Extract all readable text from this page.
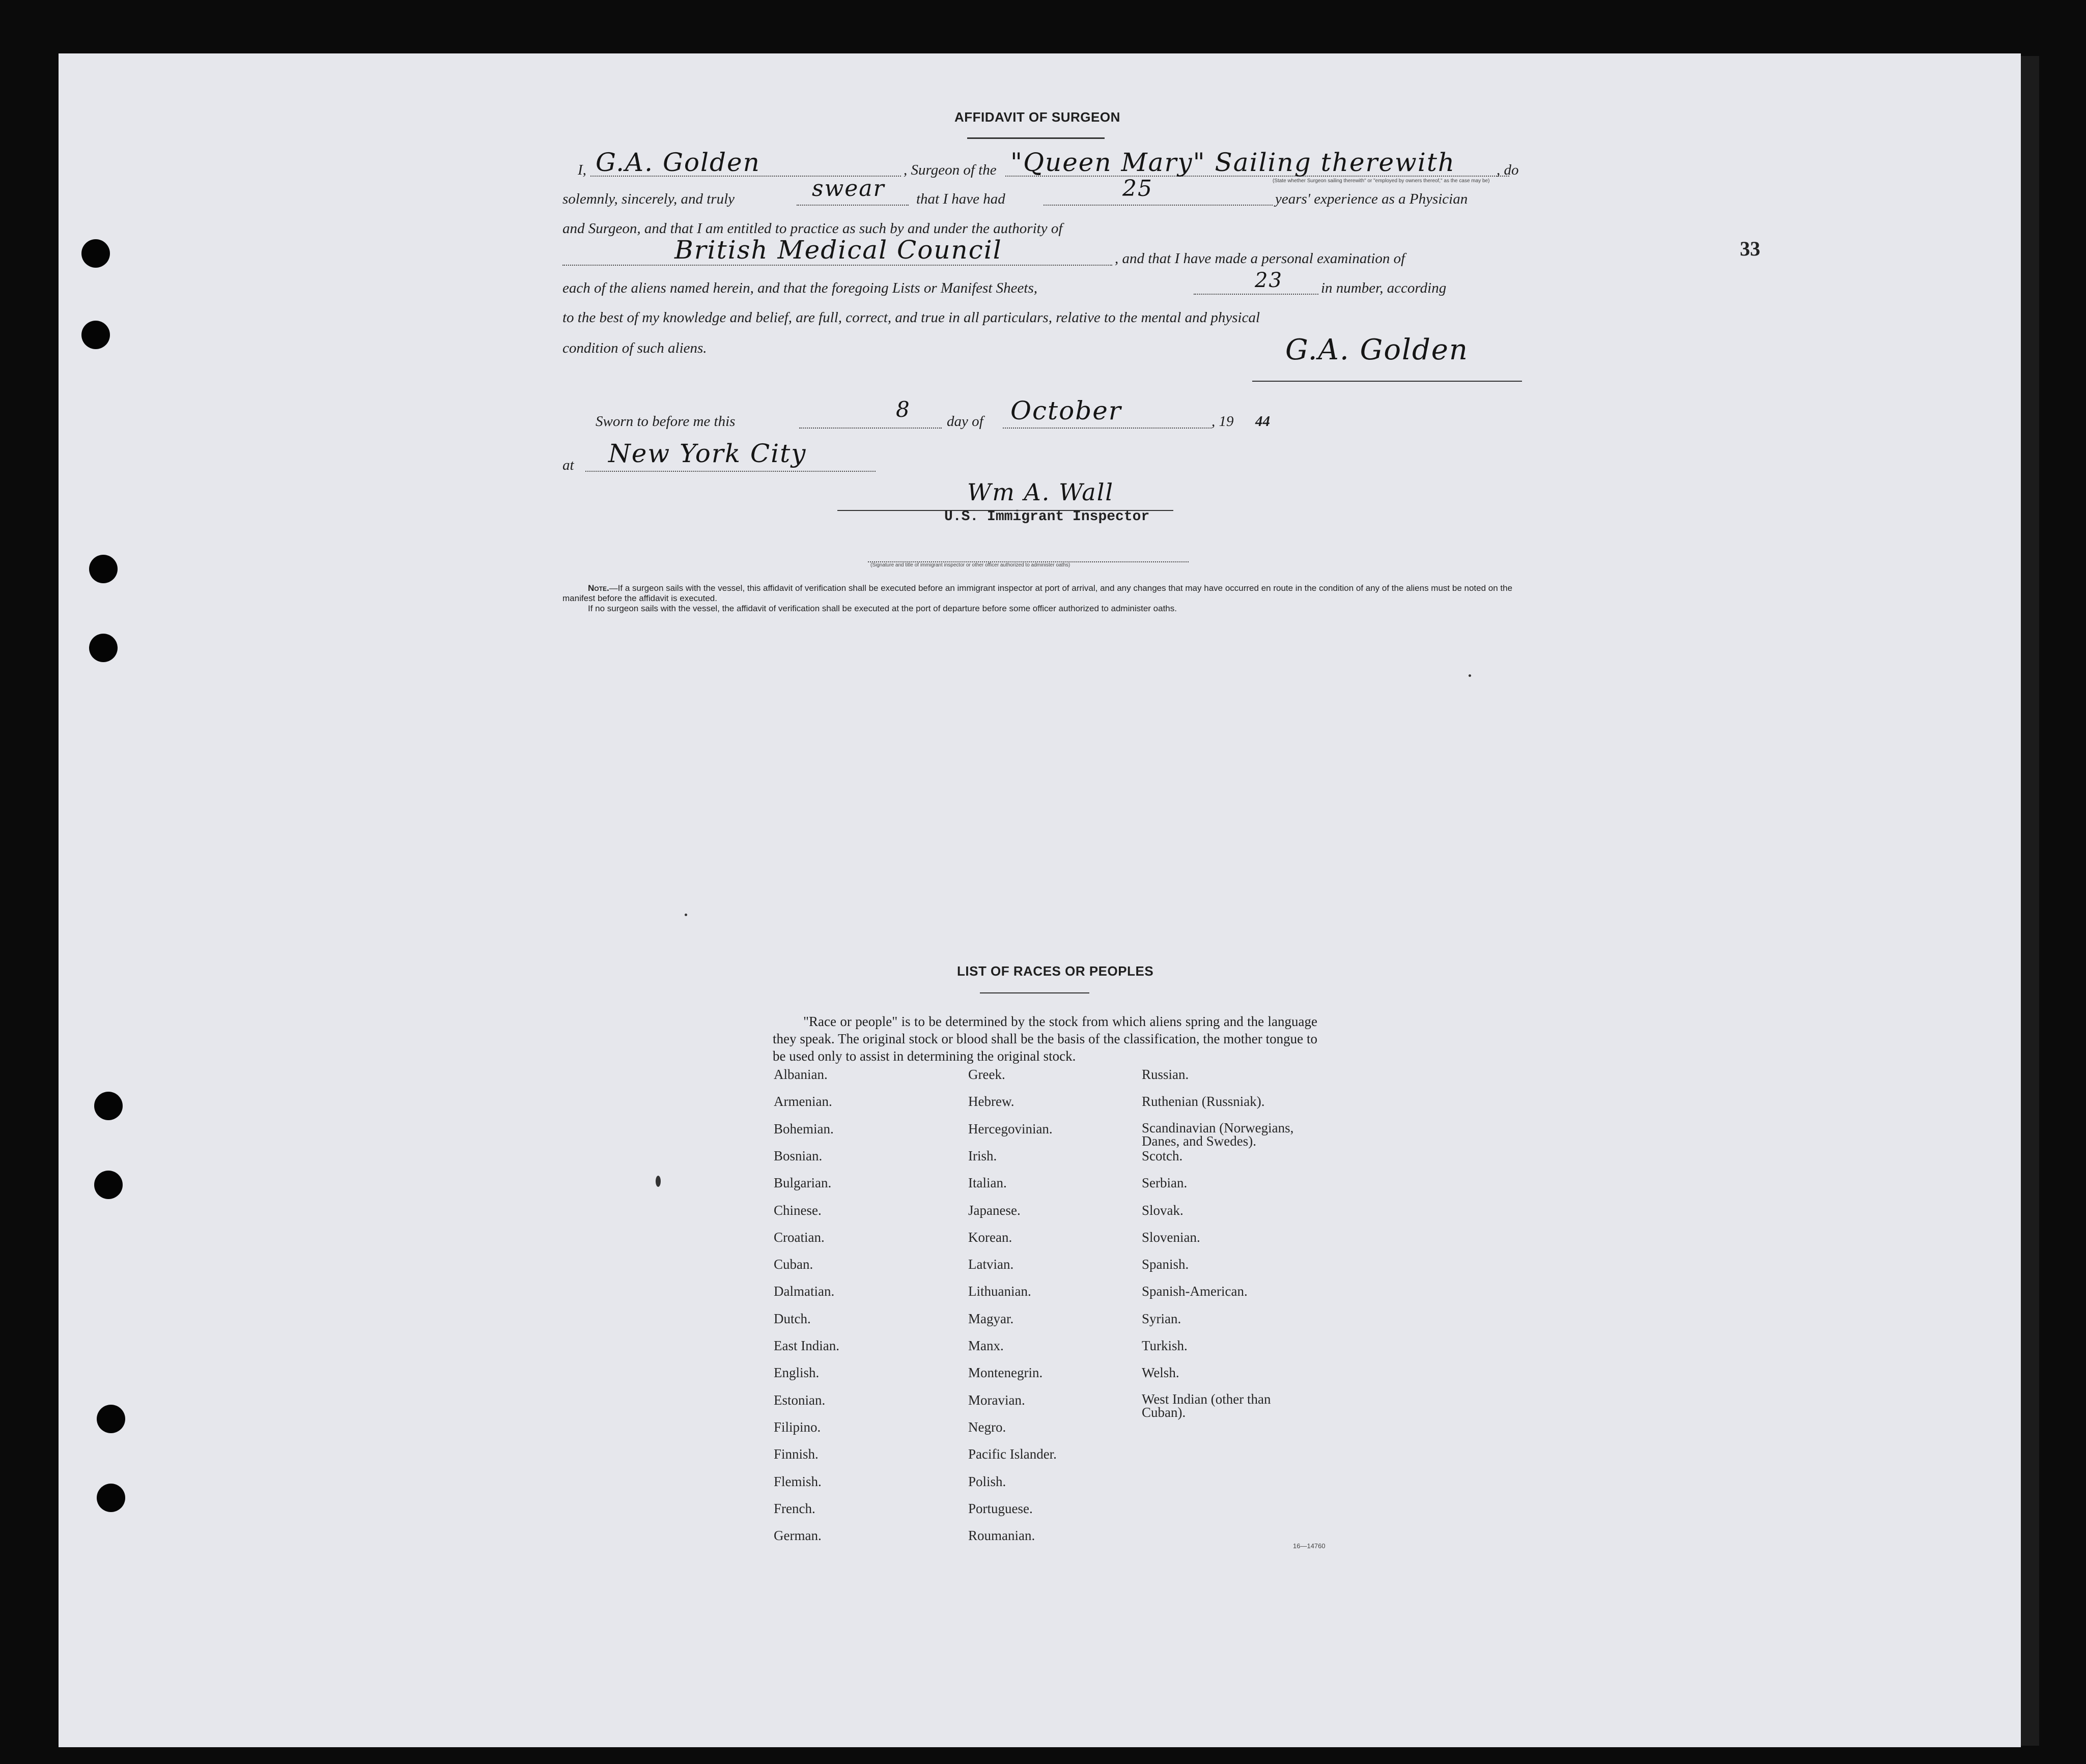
33
AFFIDAVIT OF SURGEON
I, G.A. Golden	, Surgeon of the "Queen Mary" Sailing therewith	, do
(State whether Surgeon sailing therewith" or "employed by owners thereof," as the case may be)
solemnly, sincerely, and truly	swear that I have had	25	years' experience as a Physician
and Surgeon, and that I am entitled to practice as such by and under the authority of
British Medical Council	, and that I have made a personal examination of
each of the aliens named herein, and that the foregoing Lists or Manifest Sheets,	23	in number, according
to the best of my knowledge and belief, are full, correct, and true in all particulars, relative to the mental and physical
condition of such aliens.	G.A. Golden
Sworn to before me this	8 day of October	, 19 44
at New York City
Wm A. Wall
U.S. Immigrant Inspector
(Signature and title of immigrant inspector or other officer authorized to administer oaths)
Note.—If a surgeon sails with the vessel, this affidavit of verification shall be executed before an immigrant inspector at port of arrival, and any changes that may have occurred en route in the condition of any of the aliens must be noted on the manifest before the affidavit is executed.
If no surgeon sails with the vessel, the affidavit of verification shall be executed at the port of departure before some officer authorized to administer oaths.
LIST OF RACES OR PEOPLES
"Race or people" is to be determined by the stock from which aliens spring and the language they speak. The original stock or blood shall be the basis of the classification, the mother tongue to be used only to assist in determining the original stock.
Albanian.
Armenian.
Bohemian.
Bosnian.
Bulgarian.
Chinese.
Croatian.
Cuban.
Dalmatian.
Dutch.
East Indian.
English.
Estonian.
Filipino.
Finnish.
Flemish.
French.
German.
Greek.
Hebrew.
Hercegovinian.
Irish.
Italian.
Japanese.
Korean.
Latvian.
Lithuanian.
Magyar.
Manx.
Montenegrin.
Moravian.
Negro.
Pacific Islander.
Polish.
Portuguese.
Roumanian.
Russian.
Ruthenian (Russniak).
Scandinavian (Norwegians, Danes, and Swedes).
Scotch.
Serbian.
Slovak.
Slovenian.
Spanish.
Spanish-American.
Syrian.
Turkish.
Welsh.
West Indian (other than Cuban).
16—14760
